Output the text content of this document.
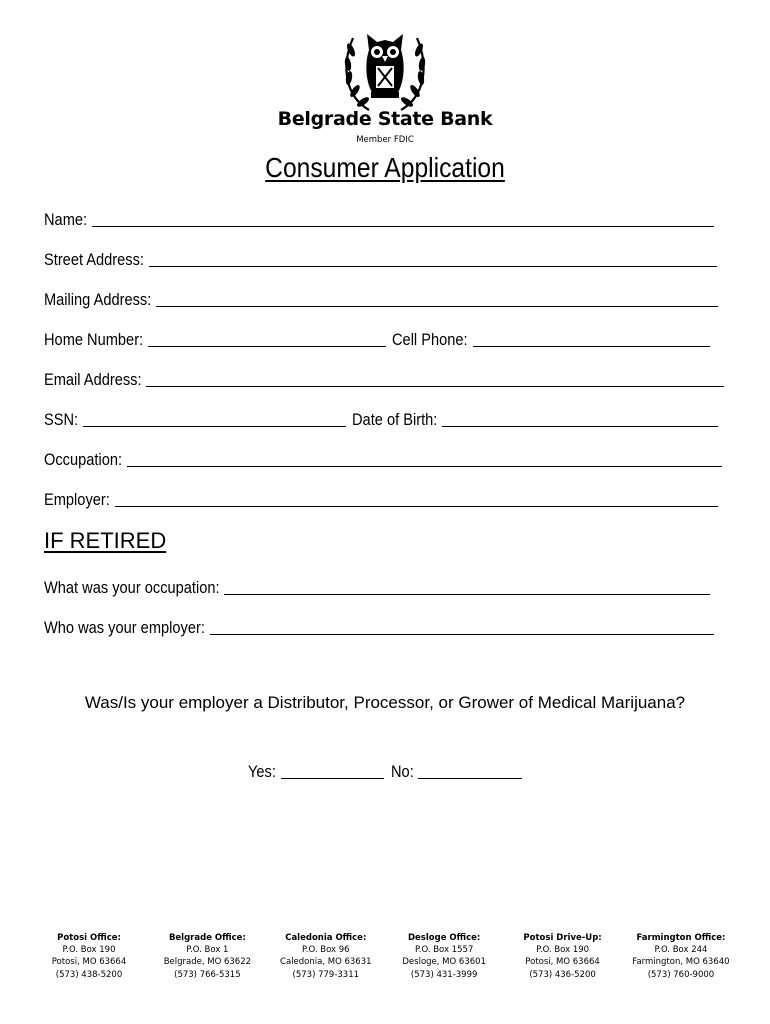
Belgrade State Bank
Member FDIC
Consumer Application
Name:
Street Address:
Mailing Address:
Home Number:	Cell Phone:
Email Address:
SSN:	Date of Birth:
Occupation:
Employer:
IF RETIRED
What was your occupation:
Who was your employer:
Was/Is your employer a Distributor, Processor, or Grower of Medical Marijuana?
Yes:	No:
Potosi Office:
P.O. Box 190
Potosi, MO 63664
(573) 438-5200
Belgrade Office:
P.O. Box 1
Belgrade, MO 63622
(573) 766-5315
Caledonia Office:
P.O. Box 96
Caledonia, MO 63631
(573) 779-3311
Desloge Office:
P.O. Box 1557
Desloge, MO 63601
(573) 431-3999
Potosi Drive-Up:
P.O. Box 190
Potosi, MO 63664
(573) 436-5200
Farmington Office:
P.O. Box 244
Farmington, MO 63640
(573) 760-9000
